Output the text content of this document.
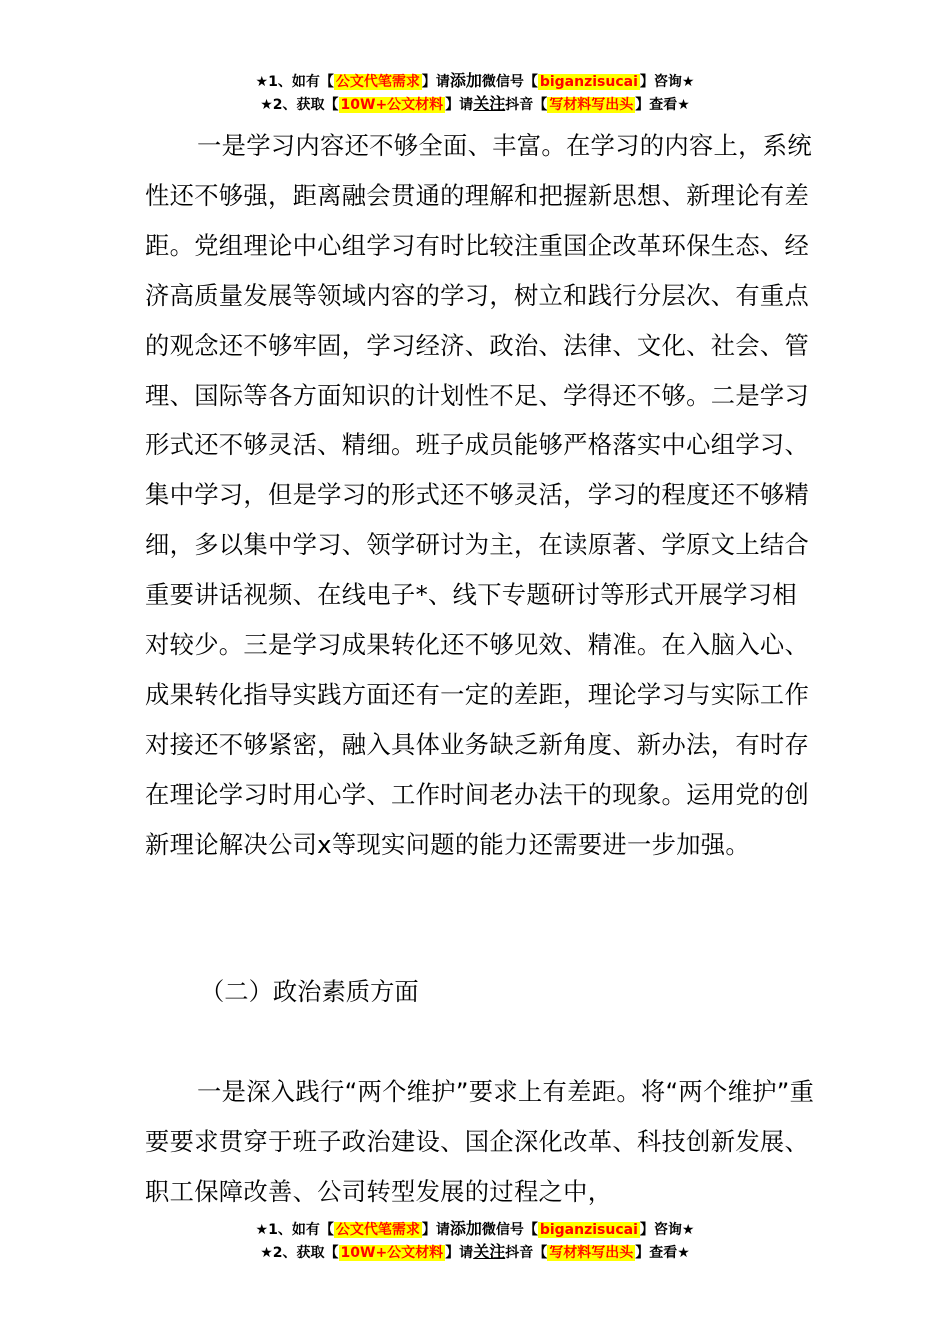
★1、如有【 公文代笔需求 】请添加微信号【 biganzisucai 】咨询★
★2、获取【 10W+公文材料 】请关注抖音【 写材料写出头 】查看★
一是学习内容还不够全面、丰富。在学习的内容上，系统性还不够强，距离融会贯通的理解和把握新思想、新理论有差距。党组理论中心组学习有时比较注重国企改革环保生态、经济高质量发展等领域内容的学习，树立和践行分层次、有重点的观念还不够牢固，学习经济、政治、法律、文化、社会、管理、国际等各方面知识的计划性不足、学得还不够。二是学习形式还不够灵活、精细。班子成员能够严格落实中心组学习、集中学习，但是学习的形式还不够灵活，学习的程度还不够精细，多以集中学习、领学研讨为主，在读原著、学原文上结合重要讲话视频、在线电子*、线下专题研讨等形式开展学习相对较少。三是学习成果转化还不够见效、精准。在入脑入心、成果转化指导实践方面还有一定的差距，理论学习与实际工作对接还不够紧密，融入具体业务缺乏新角度、新办法，有时存在理论学习时用心学、工作时间老办法干的现象。运用党的创新理论解决公司x等现实问题的能力还需要进一步加强。
（二）政治素质方面
一是深入践行“两个维护”要求上有差距。将“两个维护”重要要求贯穿于班子政治建设、国企深化改革、科技创新发展、职工保障改善、公司转型发展的过程之中，
★1、如有【 公文代笔需求 】请添加微信号【 biganzisucai 】咨询★
★2、获取【 10W+公文材料 】请关注抖音【 写材料写出头 】查看★
